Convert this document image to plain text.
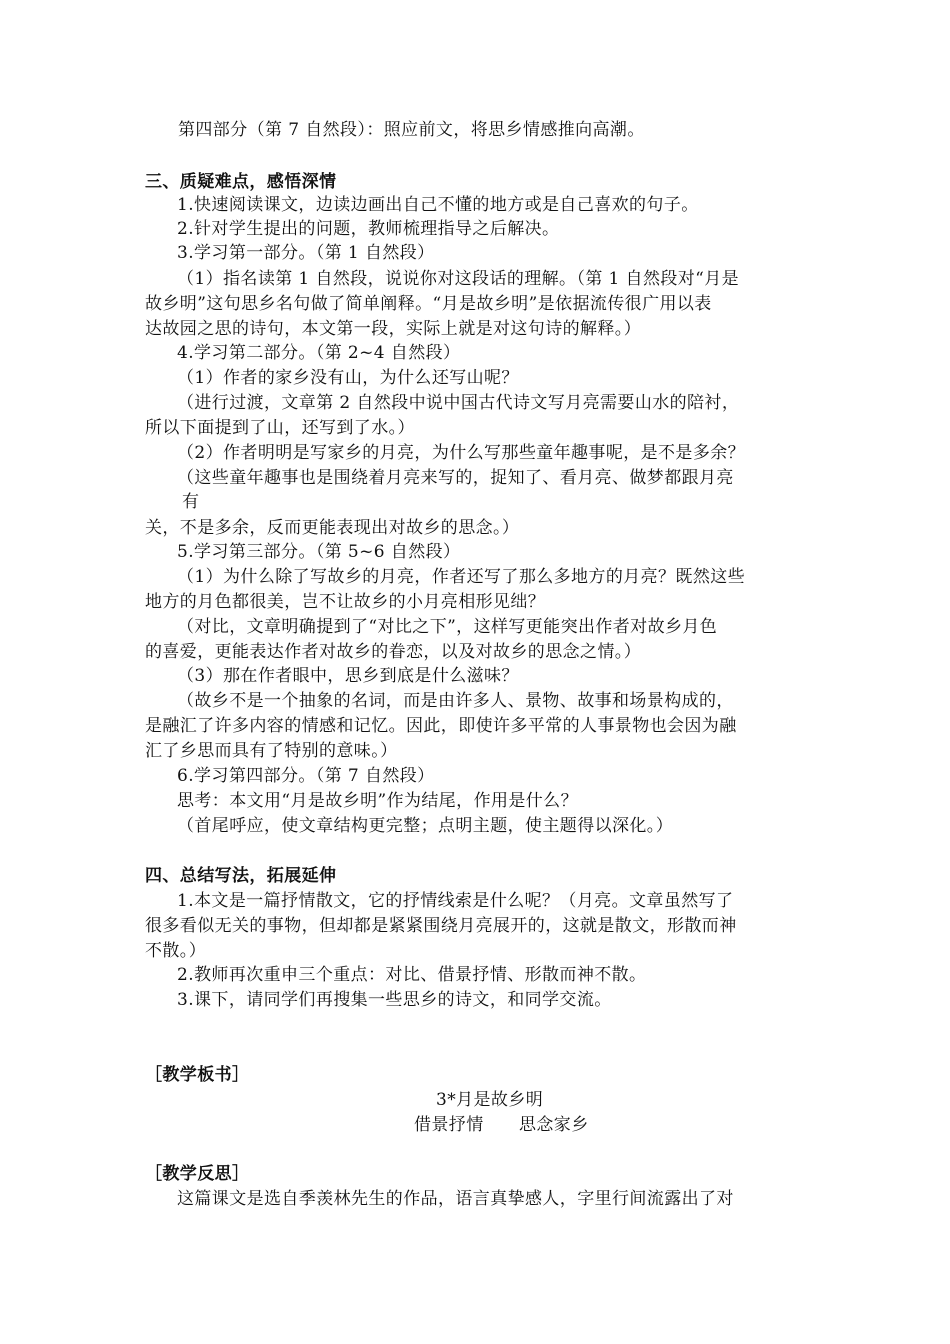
第四部分（第 7 自然段）：照应前文，将思乡情感推向高潮。
三、质疑难点，感悟深情
1.快速阅读课文，边读边画出自己不懂的地方或是自己喜欢的句子。
2.针对学生提出的问题，教师梳理指导之后解决。
3.学习第一部分。（第 1 自然段）
（1）指名读第 1 自然段，说说你对这段话的理解。（第 1 自然段对“月是
故乡明”这句思乡名句做了简单阐释。“月是故乡明”是依据流传很广用以表
达故园之思的诗句，本文第一段，实际上就是对这句诗的解释。）
4.学习第二部分。（第 2~4 自然段）
（1）作者的家乡没有山，为什么还写山呢？
（进行过渡，文章第 2 自然段中说中国古代诗文写月亮需要山水的陪衬，
所以下面提到了山，还写到了水。）
（2）作者明明是写家乡的月亮，为什么写那些童年趣事呢，是不是多余？
（这些童年趣事也是围绕着月亮来写的，捉知了、看月亮、做梦都跟月亮
有
关，不是多余，反而更能表现出对故乡的思念。）
5.学习第三部分。（第 5~6 自然段）
（1）为什么除了写故乡的月亮，作者还写了那么多地方的月亮？既然这些
地方的月色都很美，岂不让故乡的小月亮相形见绌？
（对比，文章明确提到了“对比之下”，这样写更能突出作者对故乡月色
的喜爱，更能表达作者对故乡的眷恋，以及对故乡的思念之情。）
（3）那在作者眼中，思乡到底是什么滋味？
（故乡不是一个抽象的名词，而是由许多人、景物、故事和场景构成的，
是融汇了许多内容的情感和记忆。因此，即使许多平常的人事景物也会因为融
汇了乡思而具有了特别的意味。）
6.学习第四部分。（第 7 自然段）
思考：本文用“月是故乡明”作为结尾，作用是什么？
（首尾呼应，使文章结构更完整；点明主题，使主题得以深化。）
四、总结写法，拓展延伸
1.本文是一篇抒情散文，它的抒情线索是什么呢？（月亮。文章虽然写了
很多看似无关的事物，但却都是紧紧围绕月亮展开的，这就是散文，形散而神
不散。）
2.教师再次重申三个重点：对比、借景抒情、形散而神不散。
3.课下，请同学们再搜集一些思乡的诗文，和同学交流。
［教学板书］
3*月是故乡明
借景抒情 思念家乡
［教学反思］
这篇课文是选自季羡林先生的作品，语言真挚感人，字里行间流露出了对
